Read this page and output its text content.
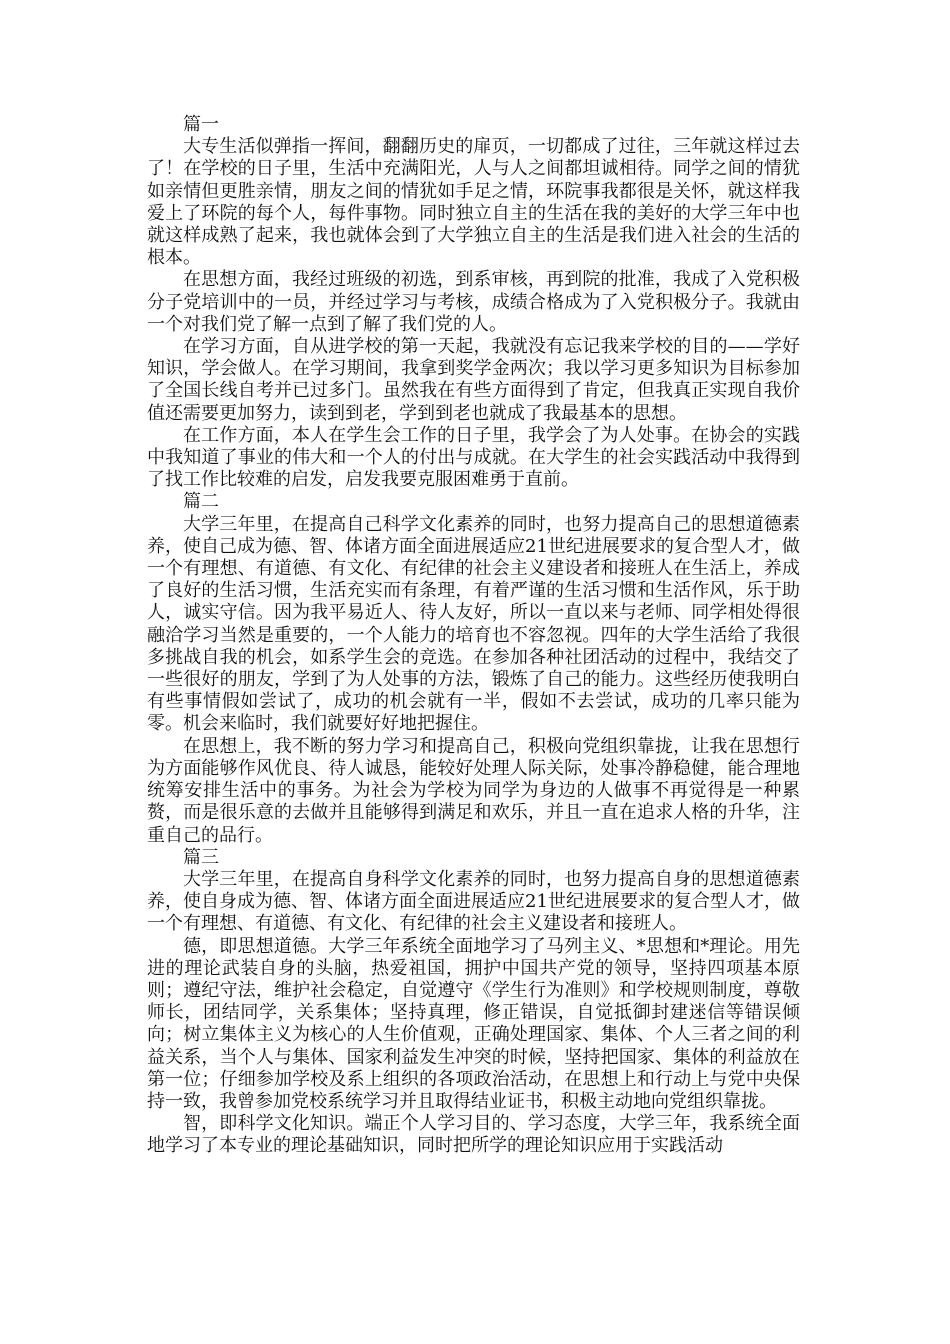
篇一

大专生活似弹指一挥间，翻翻历史的扉页，一切都成了过往，三年就这样过去了！在学校的日子里，生活中充满阳光，人与人之间都坦诚相待。同学之间的情犹如亲情但更胜亲情，朋友之间的情犹如手足之情，环院事我都很是关怀，就这样我爱上了环院的每个人，每件事物。同时独立自主的生活在我的美好的大学三年中也就这样成熟了起来，我也就体会到了大学独立自主的生活是我们进入社会的生活的根本。

在思想方面，我经过班级的初选，到系审核，再到院的批准，我成了入党积极分子党培训中的一员，并经过学习与考核，成绩合格成为了入党积极分子。我就由一个对我们党了解一点到了解了我们党的人。

在学习方面，自从进学校的第一天起，我就没有忘记我来学校的目的——学好知识，学会做人。在学习期间，我拿到奖学金两次；我以学习更多知识为目标参加了全国长线自考并已过多门。虽然我在有些方面得到了肯定，但我真正实现自我价值还需要更加努力，读到到老，学到到老也就成了我最基本的思想。

在工作方面，本人在学生会工作的日子里，我学会了为人处事。在协会的实践中我知道了事业的伟大和一个人的付出与成就。在大学生的社会实践活动中我得到了找工作比较难的启发，启发我要克服困难勇于直前。

篇二

大学三年里，在提高自己科学文化素养的同时，也努力提高自己的思想道德素养，使自己成为德、智、体诸方面全面进展适应21世纪进展要求的复合型人才，做一个有理想、有道德、有文化、有纪律的社会主义建设者和接班人在生活上，养成了良好的生活习惯，生活充实而有条理，有着严谨的生活习惯和生活作风，乐于助人，诚实守信。因为我平易近人、待人友好，所以一直以来与老师、同学相处得很融洽学习当然是重要的，一个人能力的培育也不容忽视。四年的大学生活给了我很多挑战自我的机会，如系学生会的竞选。在参加各种社团活动的过程中，我结交了一些很好的朋友，学到了为人处事的方法，锻炼了自己的能力。这些经历使我明白有些事情假如尝试了，成功的机会就有一半，假如不去尝试，成功的几率只能为零。机会来临时，我们就要好好地把握住。

在思想上，我不断的努力学习和提高自己，积极向党组织靠拢，让我在思想行为方面能够作风优良、待人诚恳，能较好处理人际关际，处事冷静稳健，能合理地统筹安排生活中的事务。为社会为学校为同学为身边的人做事不再觉得是一种累赘，而是很乐意的去做并且能够得到满足和欢乐，并且一直在追求人格的升华，注重自己的品行。

篇三

大学三年里，在提高自身科学文化素养的同时，也努力提高自身的思想道德素养，使自身成为德、智、体诸方面全面进展适应21世纪进展要求的复合型人才，做一个有理想、有道德、有文化、有纪律的社会主义建设者和接班人。

德，即思想道德。大学三年系统全面地学习了马列主义、*思想和*理论。用先进的理论武装自身的头脑，热爱祖国，拥护中国共产党的领导，坚持四项基本原则；遵纪守法，维护社会稳定，自觉遵守《学生行为准则》和学校规则制度，尊敬师长，团结同学，关系集体；坚持真理，修正错误，自觉抵御封建迷信等错误倾向；树立集体主义为核心的人生价值观，正确处理国家、集体、个人三者之间的利益关系，当个人与集体、国家利益发生冲突的时候，坚持把国家、集体的利益放在第一位；仔细参加学校及系上组织的各项政治活动，在思想上和行动上与党中央保持一致，我曾参加党校系统学习并且取得结业证书，积极主动地向党组织靠拢。

智，即科学文化知识。端正个人学习目的、学习态度，大学三年，我系统全面地学习了本专业的理论基础知识，同时把所学的理论知识应用于实践活动
